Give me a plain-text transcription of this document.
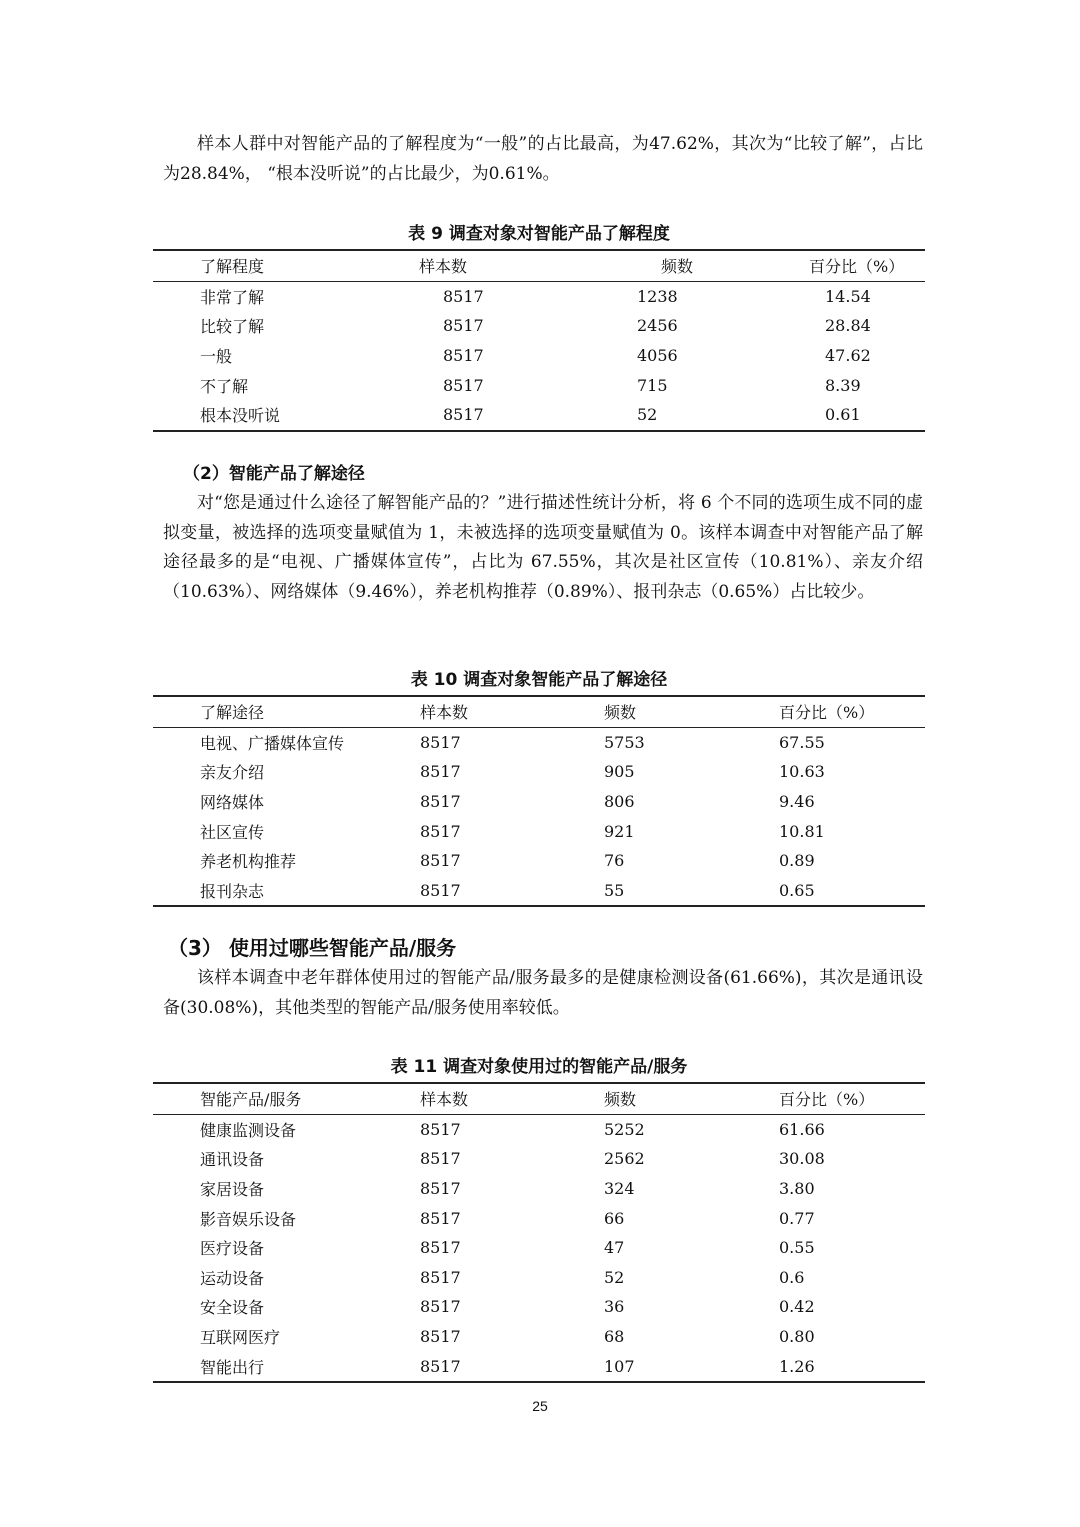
样本人群中对智能产品的了解程度为“一般”的占比最高，为47.62%，其次为“比较了解”，占比为28.84%， “根本没听说”的占比最少，为0.61%。

表 9 调查对象对智能产品了解程度
了解程度	样本数	频数	百分比（%）
非常了解	8517	1238	14.54
比较了解	8517	2456	28.84
一般	8517	4056	47.62
不了解	8517	715	8.39
根本没听说	8517	52	0.61
（2）智能产品了解途径

对“您是通过什么途径了解智能产品的？”进行描述性统计分析，将 6 个不同的选项生成不同的虚拟变量，被选择的选项变量赋值为 1，未被选择的选项变量赋值为 0。该样本调查中对智能产品了解途径最多的是“电视、广播媒体宣传”，占比为 67.55%，其次是社区宣传（10.81%）、亲友介绍（10.63%）、网络媒体（9.46%），养老机构推荐（0.89%）、报刊杂志（0.65%）占比较少。

表 10 调查对象智能产品了解途径
了解途径	样本数	频数	百分比（%）
电视、广播媒体宣传	8517	5753	67.55
亲友介绍	8517	905	10.63
网络媒体	8517	806	9.46
社区宣传	8517	921	10.81
养老机构推荐	8517	76	0.89
报刊杂志	8517	55	0.65
（3） 使用过哪些智能产品/服务

该样本调查中老年群体使用过的智能产品/服务最多的是健康检测设备(61.66%)，其次是通讯设备(30.08%)，其他类型的智能产品/服务使用率较低。

表 11 调查对象使用过的智能产品/服务
智能产品/服务	样本数	频数	百分比（%）
健康监测设备	8517	5252	61.66
通讯设备	8517	2562	30.08
家居设备	8517	324	3.80
影音娱乐设备	8517	66	0.77
医疗设备	8517	47	0.55
运动设备	8517	52	0.6
安全设备	8517	36	0.42
互联网医疗	8517	68	0.80
智能出行	8517	107	1.26
25
